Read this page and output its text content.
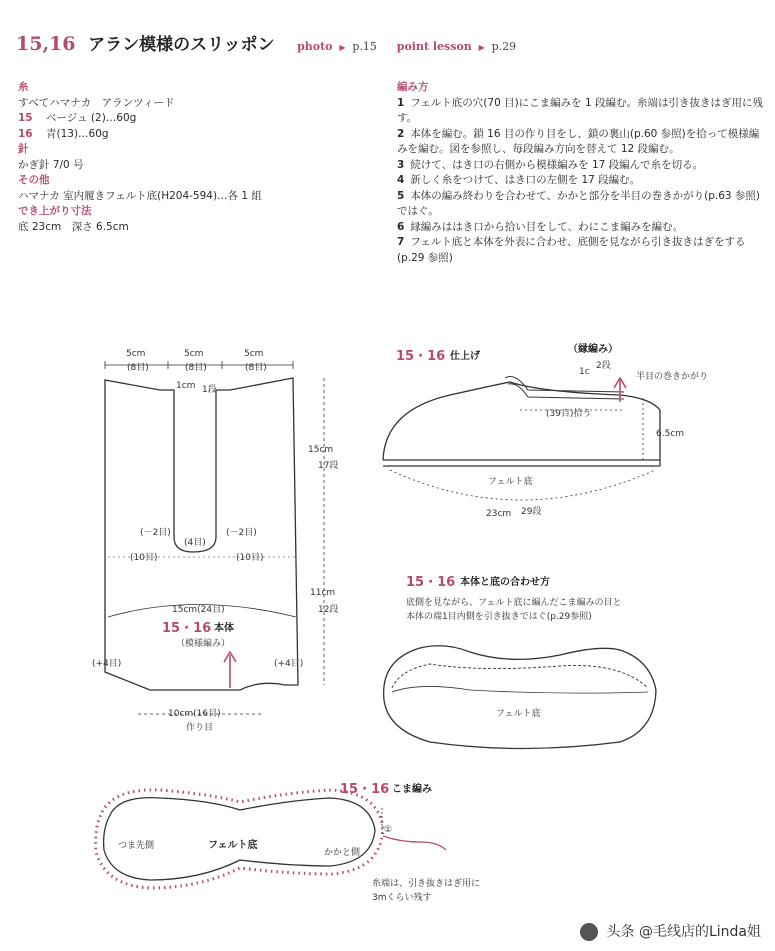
15,16 アラン模様のスリッポン photo ▶ p.15 point lesson ▶ p.29
糸
すべてハマナカ　アランツィード
15 ベージュ (2)…60g
16 青(13)…60g
針
かぎ針 7/0 号
その他
ハマナカ 室内履きフェルト底(H204-594)…各 1 組
でき上がり寸法
底 23cm　深さ 6.5cm
編み方
1 フェルト底の穴(70 目)にこま編みを 1 段編む。糸端は引き抜きはぎ用に残す。
2 本体を編む。鎖 16 目の作り目をし、鎖の裏山(p.60 参照)を拾って模様編みを編む。図を参照し、毎段編み方向を替えて 12 段編む。
3 続けて、はき口の右側から模様編みを 17 段編んで糸を切る。
4 新しく糸をつけて、はき口の左側を 17 段編む。
5 本体の編み終わりを合わせて、かかと部分を半目の巻きかがり(p.63 参照)ではぐ。
6 縁編みははき口から拾い目をして、わにこま編みを編む。
7 フェルト底と本体を外表に合わせ、底側を見ながら引き抜きはぎをする(p.29 参照)
5cm
(8目)
5cm
(8目)
5cm
(8目)
1cm 1段
(－2目)	(－2目)
(4目)
(10目)	(10目)
15cm
17段
11cm
12段
15cm(24目)
15・16 本体
（模様編み）
(+4目)	(+4目)
10cm(16目)
作り目
15・16 仕上げ
（縁編み）
1c
2段
半目の巻きかがり
(39目)拾う
6.5cm
フェルト底
23cm 29段
15・16 本体と底の合わせ方
底側を見ながら、フェルト底に編んだこま編みの目と
本体の端1目内側を引き抜きではぐ(p.29参照)
フェルト底
15・16 こま編み
つま先側	フェルト底
かかと側
①
糸端は、引き抜きはぎ用に
3mくらい残す
头条 @毛线店的Linda姐
